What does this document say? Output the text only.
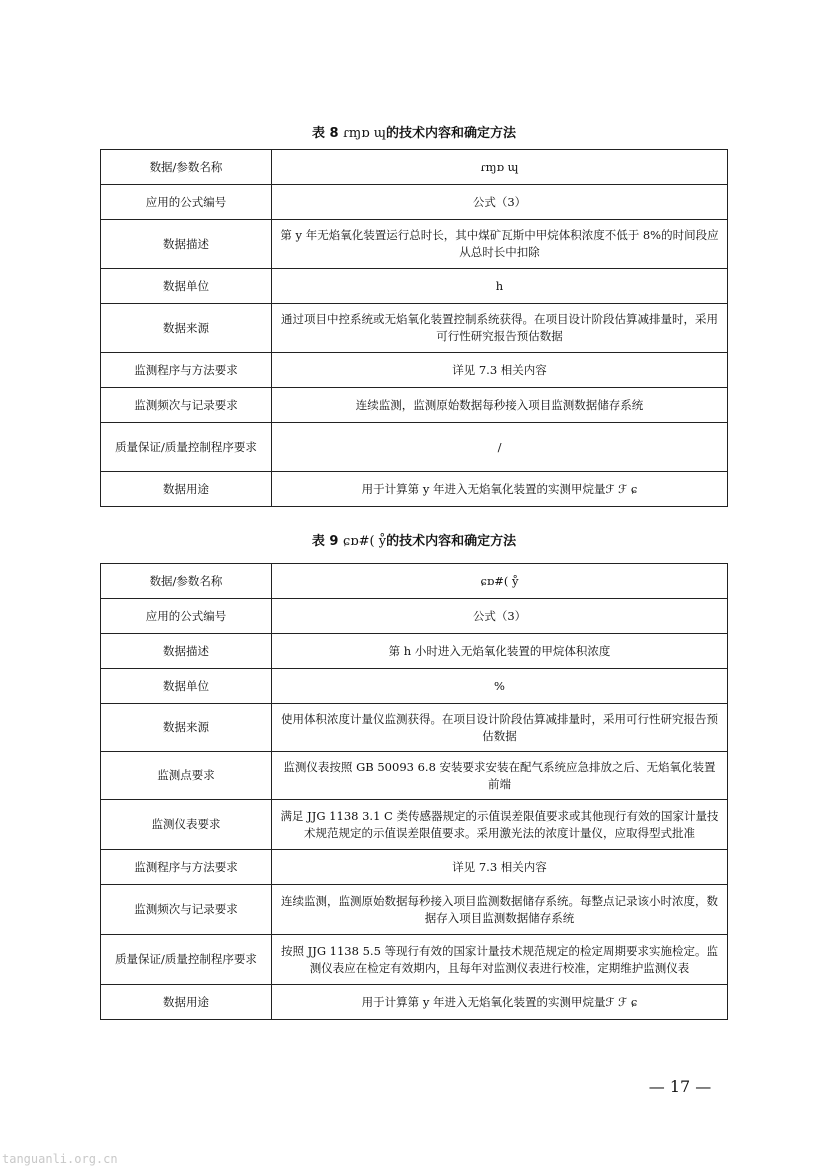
表 8 ɾɱɒ ɰ的技术内容和确定方法
数据/参数名称	ɾɱɒ ɰ
应用的公式编号	公式（3）
数据描述	第 y 年无焰氧化装置运行总时长，其中煤矿瓦斯中甲烷体积浓度不低于 8%的时间段应从总时长中扣除
数据单位	h
数据来源	通过项目中控系统或无焰氧化装置控制系统获得。在项目设计阶段估算减排量时，采用可行性研究报告预估数据
监测程序与方法要求	详见 7.3 相关内容
监测频次与记录要求	连续监测，监测原始数据每秒接入项目监测数据储存系统
质量保证/质量控制程序要求	/
数据用途	用于计算第 y 年进入无焰氧化装置的实测甲烷量ℱ ℱ ɕ
表 9 ɕɒ#( ẙ的技术内容和确定方法
数据/参数名称	ɕɒ#( ẙ
应用的公式编号	公式（3）
数据描述	第 h 小时进入无焰氧化装置的甲烷体积浓度
数据单位	%
数据来源	使用体积浓度计量仪监测获得。在项目设计阶段估算减排量时，采用可行性研究报告预估数据
监测点要求	监测仪表按照 GB 50093 6.8 安装要求安装在配气系统应急排放之后、无焰氧化装置前端
监测仪表要求	满足 JJG 1138 3.1 C 类传感器规定的示值误差限值要求或其他现行有效的国家计量技术规范规定的示值误差限值要求。采用激光法的浓度计量仪，应取得型式批准
监测程序与方法要求	详见 7.3 相关内容
监测频次与记录要求	连续监测，监测原始数据每秒接入项目监测数据储存系统。每整点记录该小时浓度，数据存入项目监测数据储存系统
质量保证/质量控制程序要求	按照 JJG 1138 5.5 等现行有效的国家计量技术规范规定的检定周期要求实施检定。监测仪表应在检定有效期内，且每年对监测仪表进行校准，定期维护监测仪表
数据用途	用于计算第 y 年进入无焰氧化装置的实测甲烷量ℱ ℱ ɕ
— 17 —
tanguanli.org.cn
